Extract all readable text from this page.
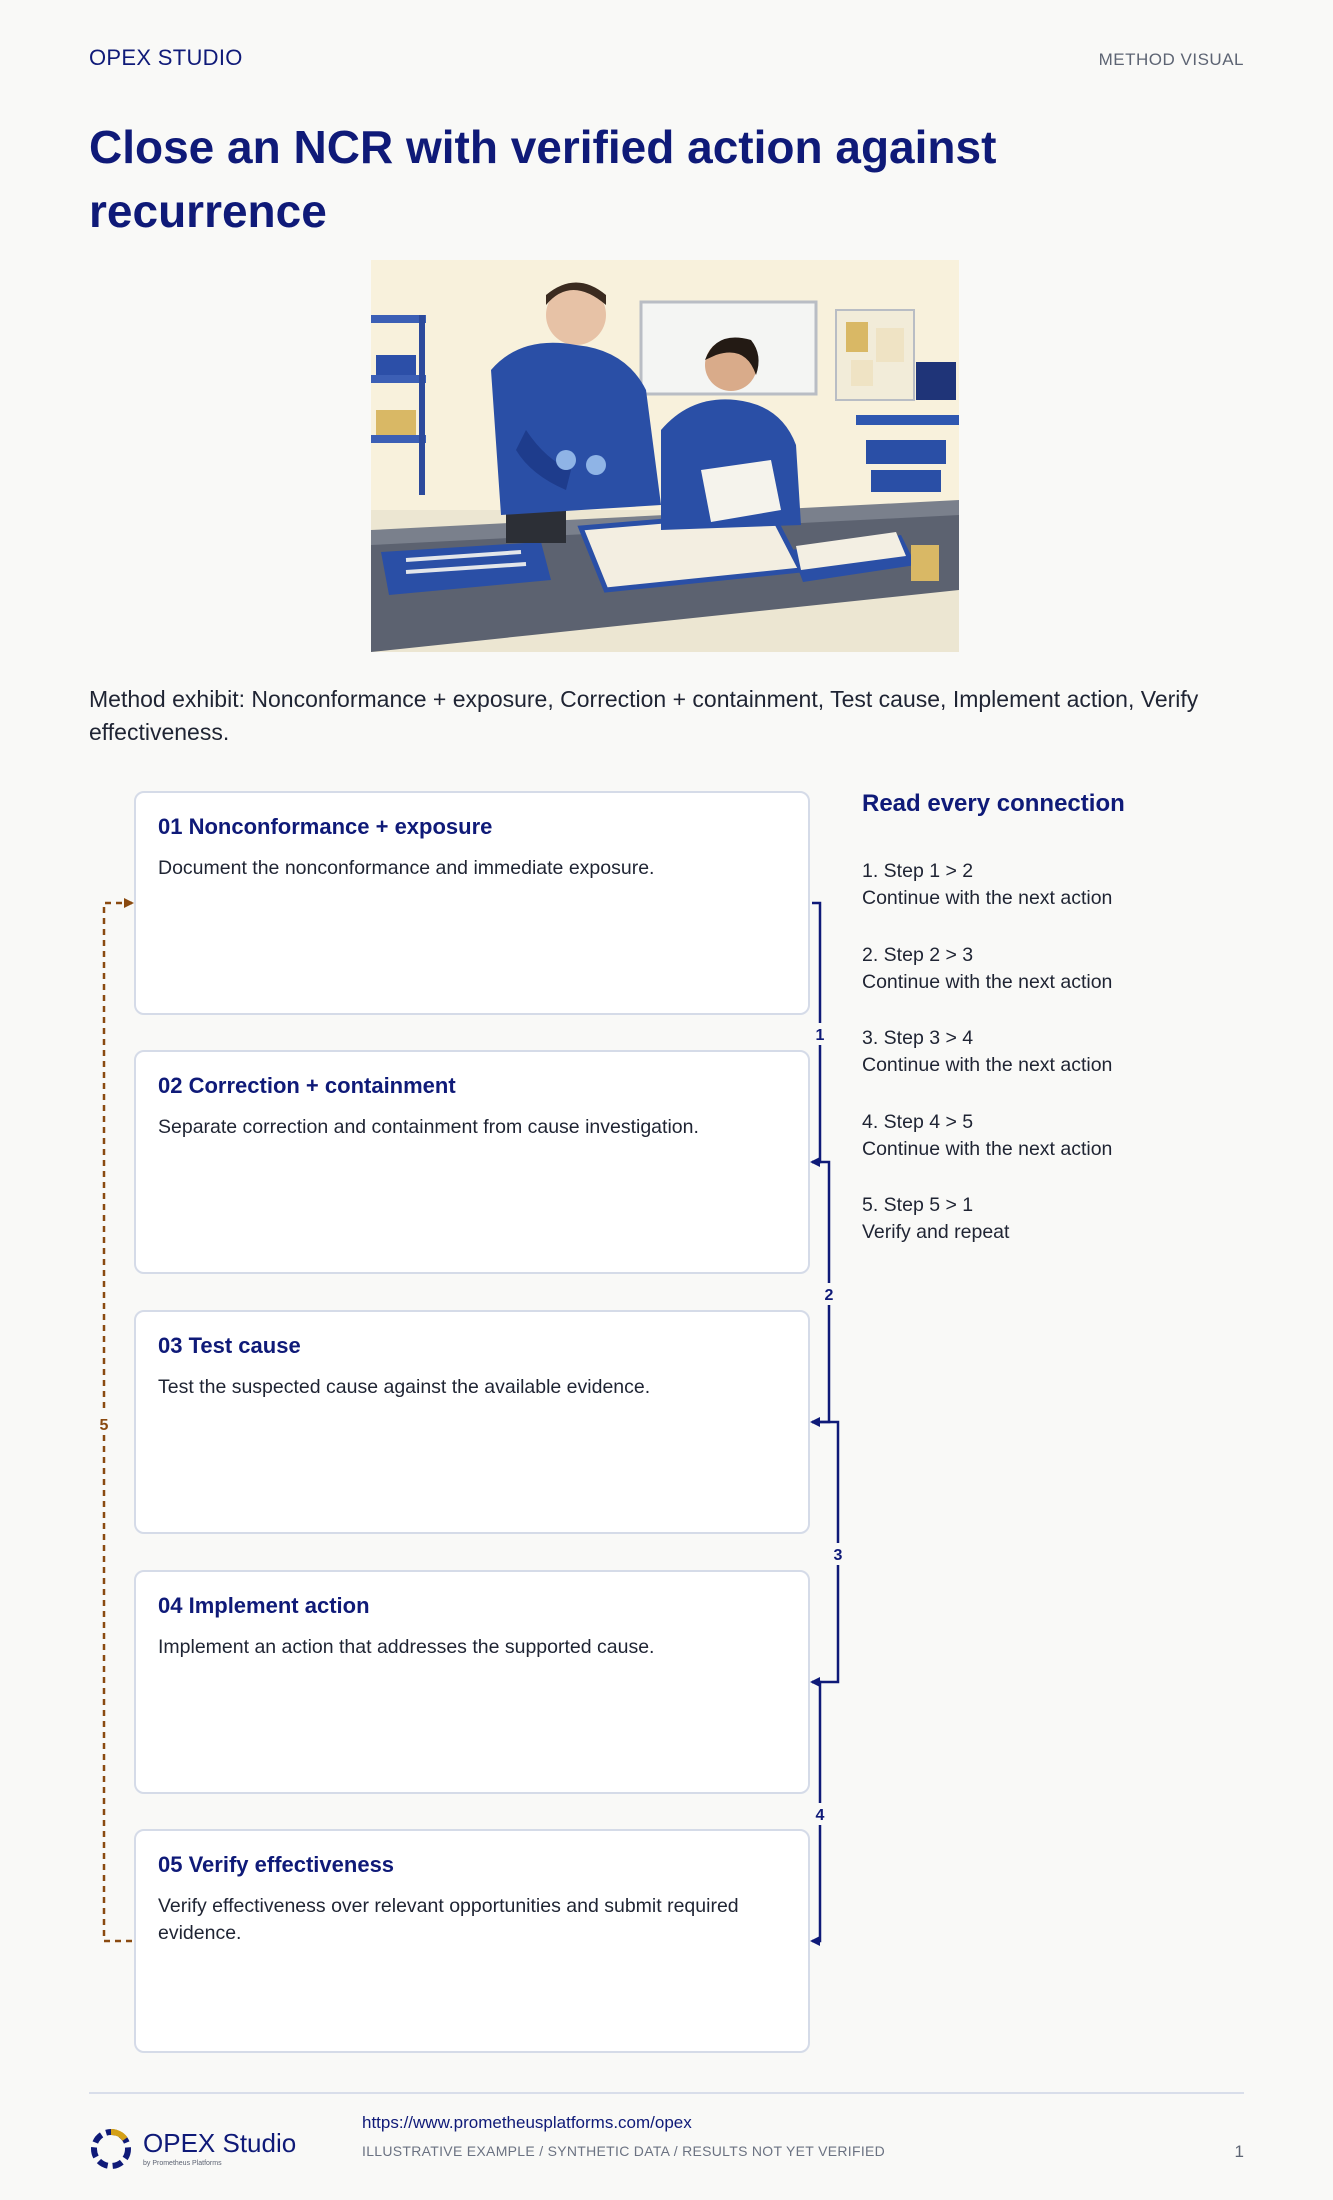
OPEX STUDIO	METHOD VISUAL
Close an NCR with verified action against recurrence
Method exhibit: Nonconformance + exposure, Correction + containment, Test cause, Implement action, Verify effectiveness.
01 Nonconformance + exposure

Document the nonconformance and immediate exposure.

02 Correction + containment

Separate correction and containment from cause investigation.

03 Test cause

Test the suspected cause against the available evidence.

04 Implement action

Implement an action that addresses the supported cause.

05 Verify effectiveness

Verify effectiveness over relevant opportunities and submit required evidence.

1
2
3
4
5
Read every connection
1. Step 1 > 2
Continue with the next action
2. Step 2 > 3
Continue with the next action
3. Step 3 > 4
Continue with the next action
4. Step 4 > 5
Continue with the next action
5. Step 5 > 1
Verify and repeat
OPEX Studio
by Prometheus Platforms
https://www.prometheusplatforms.com/opex
ILLUSTRATIVE EXAMPLE / SYNTHETIC DATA / RESULTS NOT YET VERIFIED	1
